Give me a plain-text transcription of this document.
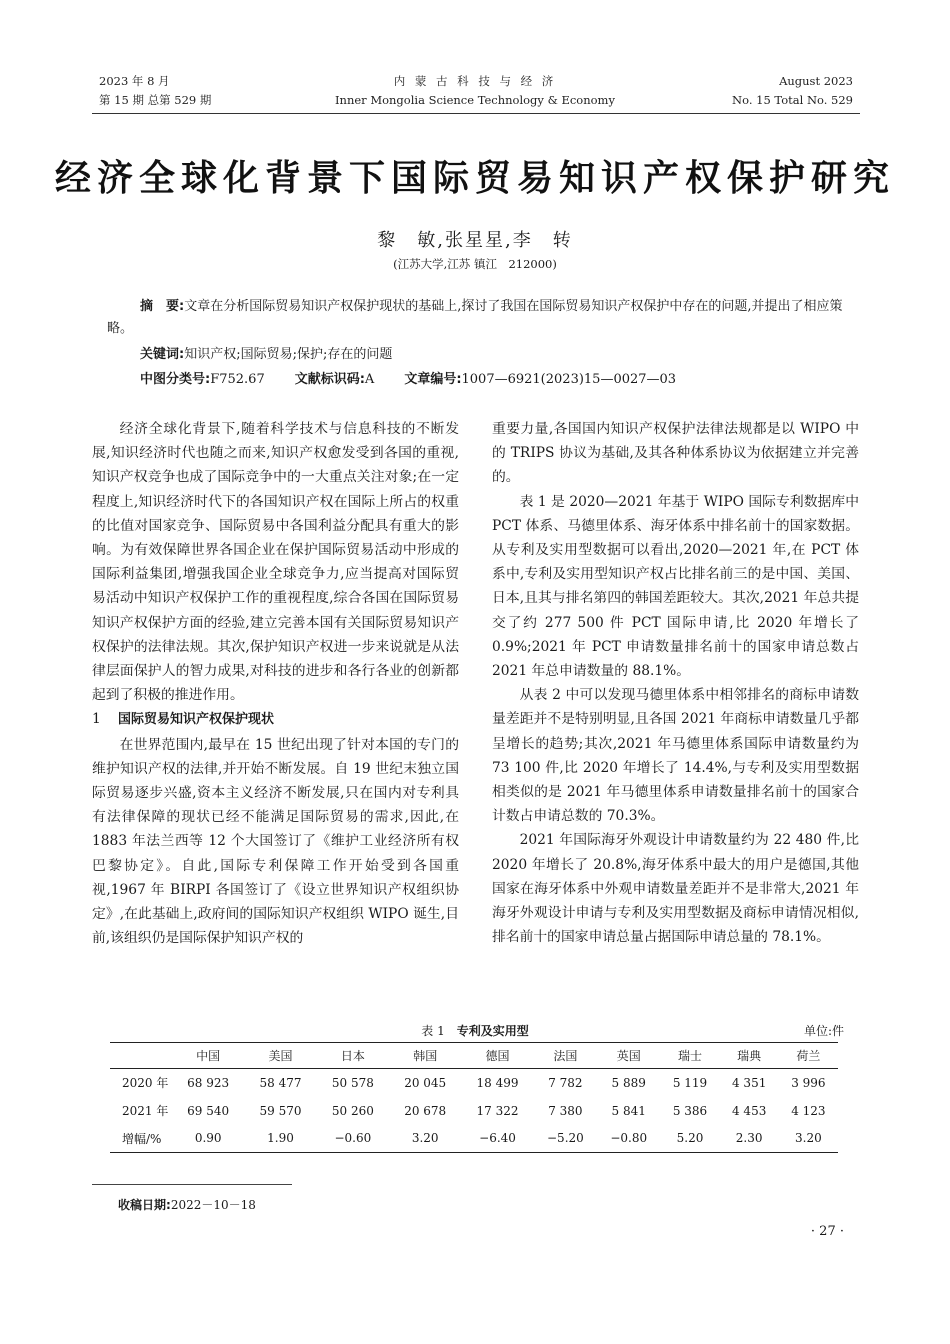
2023 年 8 月
第 15 期 总第 529 期
内 蒙 古 科 技 与 经 济
Inner Mongolia Science Technology & Economy
August 2023
No. 15 Total No. 529
经济全球化背景下国际贸易知识产权保护研究
黎　敏,张星星,李　转
(江苏大学,江苏 镇江　212000)
摘　要:文章在分析国际贸易知识产权保护现状的基础上,探讨了我国在国际贸易知识产权保护中存在的问题,并提出了相应策略。
关键词:知识产权;国际贸易;保护;存在的问题
中图分类号:F752.67 文献标识码:A 文章编号:1007—6921(2023)15—0027—03

经济全球化背景下,随着科学技术与信息科技的不断发展,知识经济时代也随之而来,知识产权愈发受到各国的重视,知识产权竞争也成了国际竞争中的一大重点关注对象;在一定程度上,知识经济时代下的各国知识产权在国际上所占的权重的比值对国家竞争、国际贸易中各国利益分配具有重大的影响。为有效保障世界各国企业在保护国际贸易活动中形成的国际利益集团,增强我国企业全球竞争力,应当提高对国际贸易活动中知识产权保护工作的重视程度,综合各国在国际贸易知识产权保护方面的经验,建立完善本国有关国际贸易知识产权保护的法律法规。其次,保护知识产权进一步来说就是从法律层面保护人的智力成果,对科技的进步和各行各业的创新都起到了积极的推进作用。

1 国际贸易知识产权保护现状

在世界范围内,最早在 15 世纪出现了针对本国的专门的维护知识产权的法律,并开始不断发展。自 19 世纪末独立国际贸易逐步兴盛,资本主义经济不断发展,只在国内对专利具有法律保障的现状已经不能满足国际贸易的需求,因此,在 1883 年法兰西等 12 个大国签订了《维护工业经济所有权巴黎协定》。自此,国际专利保障工作开始受到各国重视,1967 年 BIRPI 各国签订了《设立世界知识产权组织协定》,在此基础上,政府间的国际知识产权组织 WIPO 诞生,目前,该组织仍是国际保护知识产权的

重要力量,各国国内知识产权保护法律法规都是以 WIPO 中的 TRIPS 协议为基础,及其各种体系协议为依据建立并完善的。

表 1 是 2020—2021 年基于 WIPO 国际专利数据库中 PCT 体系、马德里体系、海牙体系中排名前十的国家数据。从专利及实用型数据可以看出,2020—2021 年,在 PCT 体系中,专利及实用型知识产权占比排名前三的是中国、美国、日本,且其与排名第四的韩国差距较大。其次,2021 年总共提交了约 277 500 件 PCT 国际申请,比 2020 年增长了 0.9%;2021 年 PCT 申请数量排名前十的国家申请总数占 2021 年总申请数量的 88.1%。

从表 2 中可以发现马德里体系中相邻排名的商标申请数量差距并不是特别明显,且各国 2021 年商标申请数量几乎都呈增长的趋势;其次,2021 年马德里体系国际申请数量约为 73 100 件,比 2020 年增长了 14.4%,与专利及实用型数据相类似的是 2021 年马德里体系申请数量排名前十的国家合计数占申请总数的 70.3%。

2021 年国际海牙外观设计申请数量约为 22 480 件,比 2020 年增长了 20.8%,海牙体系中最大的用户是德国,其他国家在海牙体系中外观申请数量差距并不是非常大,2021 年海牙外观设计申请与专利及实用型数据及商标申请情况相似,排名前十的国家申请总量占据国际申请总量的 78.1%。

表 1　 专利及实用型	单位:件
	中国	美国	日本	韩国	德国	法国	英国	瑞士	瑞典	荷兰
2020 年	68 923	58 477	50 578	20 045	18 499	7 782	5 889	5 119	4 351	3 996
2021 年	69 540	59 570	50 260	20 678	17 322	7 380	5 841	5 386	4 453	4 123
增幅/%	0.90	1.90	−0.60	3.20	−6.40	−5.20	−0.80	5.20	2.30	3.20
收稿日期:2022－10－18
· 27 ·
